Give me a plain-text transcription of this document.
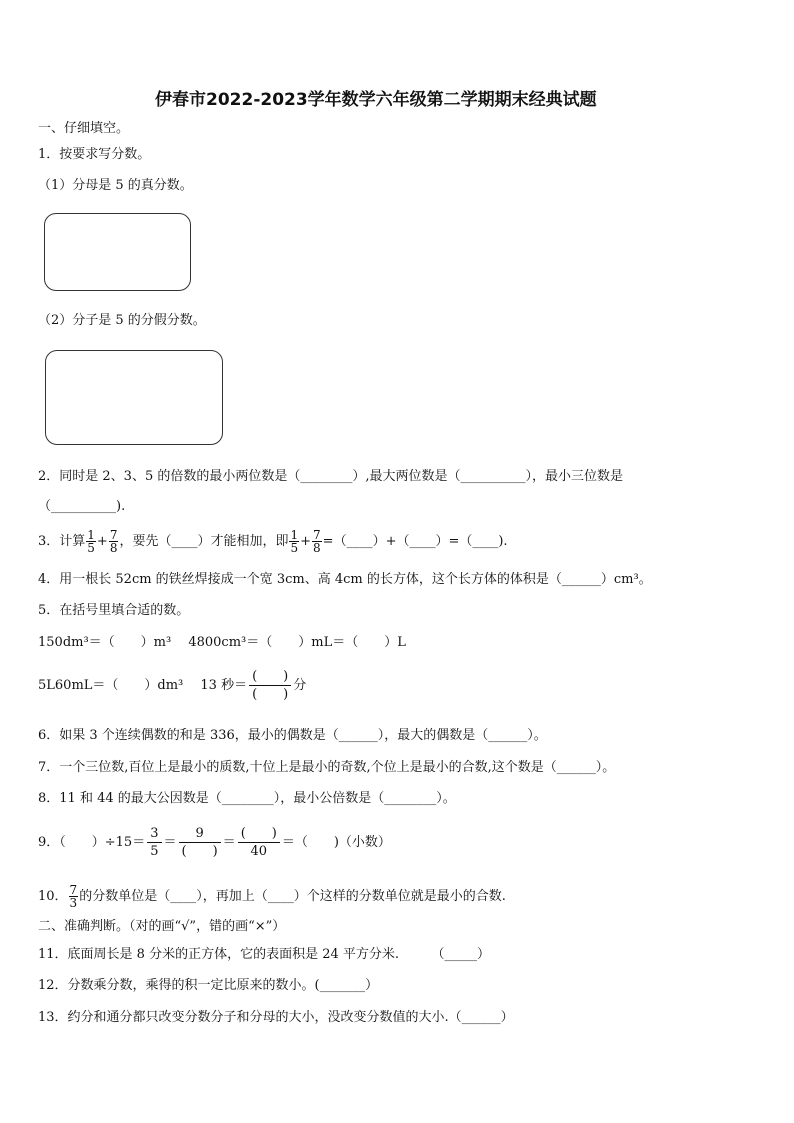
伊春市2022-2023学年数学六年级第二学期期末经典试题
一、仔细填空。
1．按要求写分数。
（1）分母是 5 的真分数。
（2）分子是 5 的分假分数。
2．同时是 2、3、5 的倍数的最小两位数是（________）,最大两位数是（__________），最小三位数是
（__________).
3．计算 $\frac{1}{5} + \frac{7}{8}$ ，要先（____）才能相加，即 $\frac{1}{5} + \frac{7}{8}$ =（____）+（____）=（____).
4．用一根长 52cm 的铁丝焊接成一个宽 3cm、高 4cm 的长方体，这个长方体的体积是（______）cm³。
5．在括号里填合适的数。
150dm³＝（　　）m³　 4800cm³＝（　　）mL＝（　　）L
5L60mL＝（　　）dm³　 13 秒＝ $\frac{( )}{( )}$ 分
6．如果 3 个连续偶数的和是 336，最小的偶数是（______），最大的偶数是（______）。
7．一个三位数,百位上是最小的质数,十位上是最小的奇数,个位上是最小的合数,这个数是（______）。
8．11 和 44 的最大公因数是（________），最小公倍数是（________）。
9．（　　）$\div 15= \frac{3}{5} = \frac{9}{( )} = \frac{( )}{40}$ ＝（　　)（小数）
10． $\frac{7}{3}$ 的分数单位是（____），再加上（____）个这样的分数单位就是最小的合数.
二、准确判断。（对的画“√”，错的画“×”）
11．底面周长是 8 分米的正方体，它的表面积是 24 平方分米.　　　（_____）
12．分数乘分数，乘得的积一定比原来的数小。(_______）
13．约分和通分都只改变分数分子和分母的大小，没改变分数值的大小.（______）
